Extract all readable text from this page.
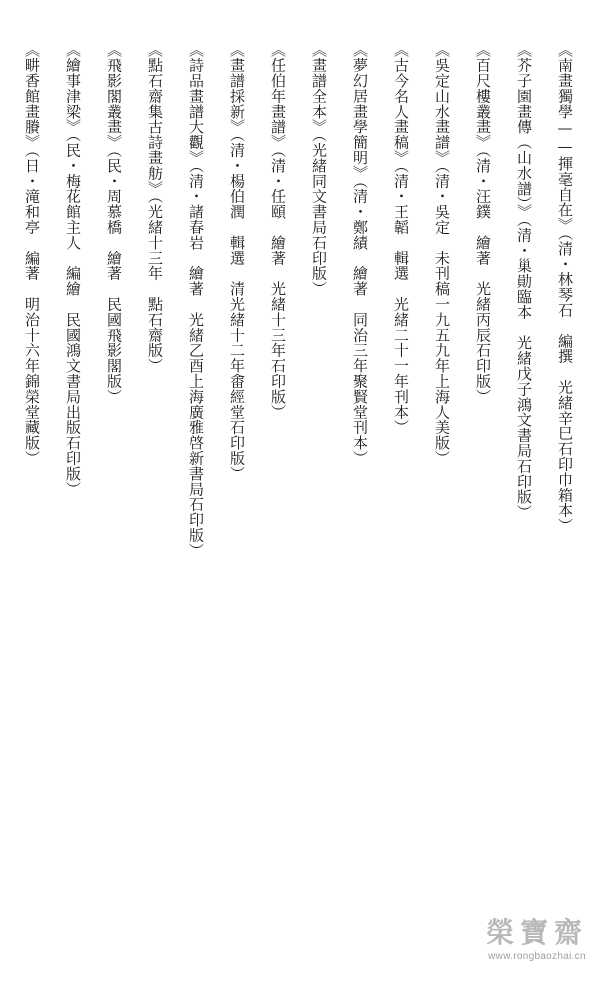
《南畫獨學——揮毫自在》（清・林琴石　編撰　光緒辛巳石印巾箱本）
《芥子園畫傳（山水譜）》（清・巢勛臨本　光緒戊子鴻文書局石印版）
《百尺樓叢畫》（清・汪鏷　繪著　光緒丙辰石印版）
《吳定山水畫譜》（清・吳定　未刊稿一九五九年上海人美版）
《古今名人畫稿》（清・王韜　輯選　光緒二十一年刊本）
《夢幻居畫學簡明》（清・鄭績　繪著　同治三年聚賢堂刊本）
《畫譜全本》（光緒同文書局石印版）
《任伯年畫譜》（清・任頤　繪著　光緒十三年石印版）
《畫譜採新》（清・楊伯潤　輯選　清光緒十二年畬經堂石印版）
《詩品畫譜大觀》（清・諸春岩　繪著　光緒乙酉上海廣雅啓新書局石印版）
《點石齋集古詩畫舫》（光緒十三年　點石齋版）
《飛影閣叢畫》（民・周慕橋　繪著　民國飛影閣版）
《繪事津梁》（民・梅花館主人　編繪　民國鴻文書局出版石印版）
《畊香館畫賸》（日・滝和亭　編著　明治十六年錦榮堂藏版）
榮寶齋
www.rongbaozhai.cn
